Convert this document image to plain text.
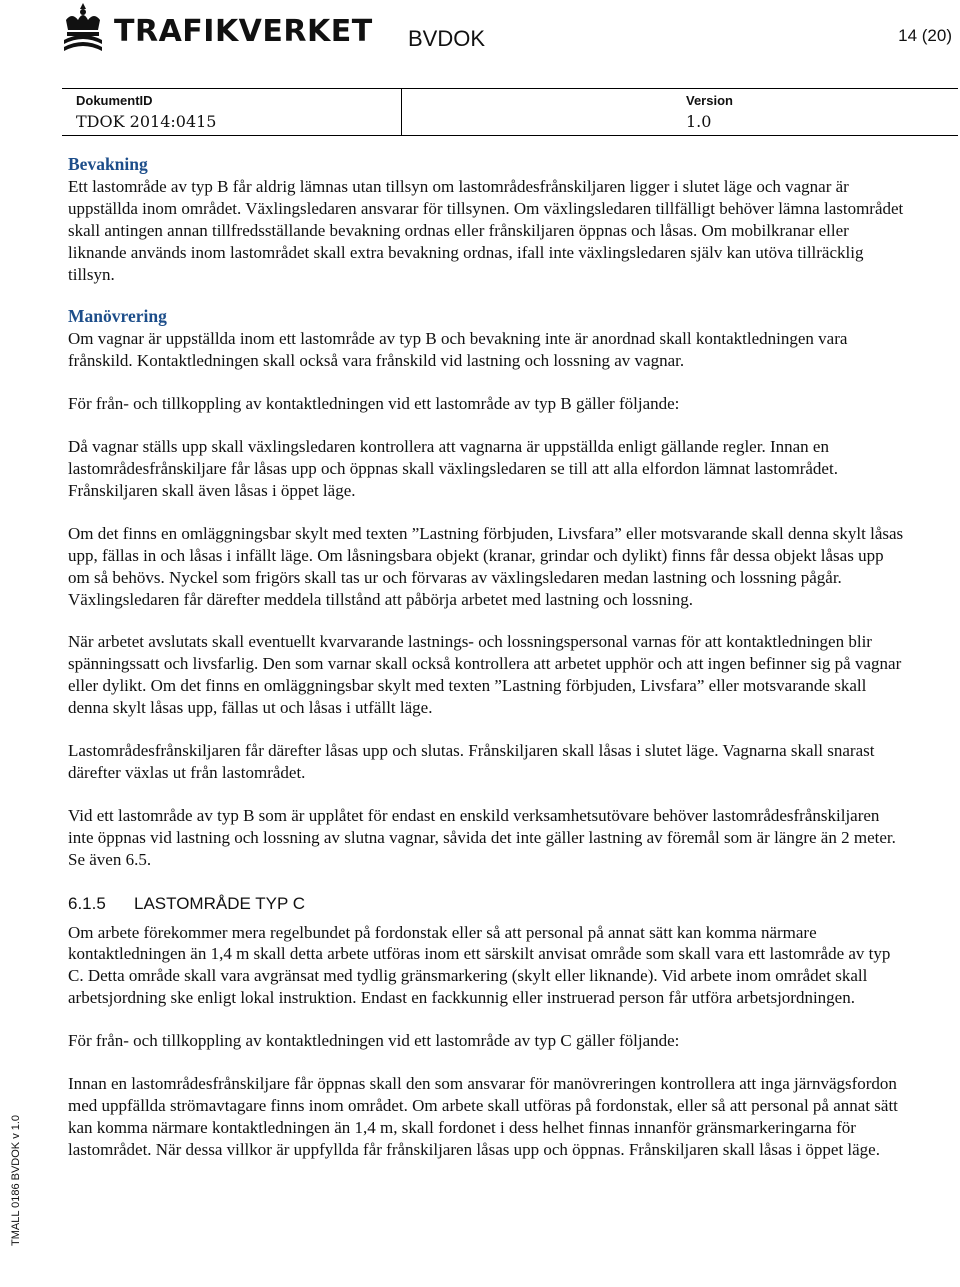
TRAFIKVERKET BVDOK	14 (20)
DokumentID
TDOK 2014:0415
Version
1.0

Bevakning
Ett lastområde av typ B får aldrig lämnas utan tillsyn om lastområdesfrånskiljaren ligger i slutet läge och vagnar är uppställda inom området. Växlingsledaren ansvarar för tillsynen. Om växlingsledaren tillfälligt behöver lämna lastområdet skall antingen annan tillfredsställande bevakning ordnas eller frånskiljaren öppnas och låsas. Om mobilkranar eller liknande används inom lastområdet skall extra bevakning ordnas, ifall inte växlingsledaren själv kan utöva tillräcklig tillsyn.

Manövrering
Om vagnar är uppställda inom ett lastområde av typ B och bevakning inte är anordnad skall kontaktledningen vara frånskild. Kontaktledningen skall också vara frånskild vid lastning och lossning av vagnar.

För från- och tillkoppling av kontaktledningen vid ett lastområde av typ B gäller följande:

Då vagnar ställs upp skall växlingsledaren kontrollera att vagnarna är uppställda enligt gällande regler. Innan en lastområdesfrånskiljare får låsas upp och öppnas skall växlingsledaren se till att alla elfordon lämnat lastområdet. Frånskiljaren skall även låsas i öppet läge.

Om det finns en omläggningsbar skylt med texten ”Lastning förbjuden, Livsfara” eller motsvarande skall denna skylt låsas upp, fällas in och låsas i infällt läge. Om låsningsbara objekt (kranar, grindar och dylikt) finns får dessa objekt låsas upp om så behövs. Nyckel som frigörs skall tas ur och förvaras av växlingsledaren medan lastning och lossning pågår. Växlingsledaren får därefter meddela tillstånd att påbörja arbetet med lastning och lossning.

När arbetet avslutats skall eventuellt kvarvarande lastnings- och lossningspersonal varnas för att kontaktledningen blir spänningssatt och livsfarlig. Den som varnar skall också kontrollera att arbetet upphör och att ingen befinner sig på vagnar eller dylikt. Om det finns en omläggningsbar skylt med texten ”Lastning förbjuden, Livsfara” eller motsvarande skall denna skylt låsas upp, fällas ut och låsas i utfällt läge.

Lastområdesfrånskiljaren får därefter låsas upp och slutas. Frånskiljaren skall låsas i slutet läge. Vagnarna skall snarast därefter växlas ut från lastområdet.

Vid ett lastområde av typ B som är upplåtet för endast en enskild verksamhetsutövare behöver lastområdesfrånskiljaren inte öppnas vid lastning och lossning av slutna vagnar, såvida det inte gäller lastning av föremål som är längre än 2 meter. Se även 6.5.

6.1.5 LASTOMRÅDE TYP C

Om arbete förekommer mera regelbundet på fordonstak eller så att personal på annat sätt kan komma närmare kontaktledningen än 1,4 m skall detta arbete utföras inom ett särskilt anvisat område som skall vara ett lastområde av typ C. Detta område skall vara avgränsat med tydlig gränsmarkering (skylt eller liknande). Vid arbete inom området skall arbetsjordning ske enligt lokal instruktion. Endast en fackkunnig eller instruerad person får utföra arbetsjordningen.

För från- och tillkoppling av kontaktledningen vid ett lastområde av typ C gäller följande:

Innan en lastområdesfrånskiljare får öppnas skall den som ansvarar för manövreringen kontrollera att inga järnvägsfordon med uppfällda strömavtagare finns inom området. Om arbete skall utföras på fordonstak, eller så att personal på annat sätt kan komma närmare kontaktledningen än 1,4 m, skall fordonet i dess helhet finnas innanför gränsmarkeringarna för lastområdet. När dessa villkor är uppfyllda får frånskiljaren låsas upp och öppnas. Frånskiljaren skall låsas i öppet läge.

TMALL 0186 BVDOK v 1.0
